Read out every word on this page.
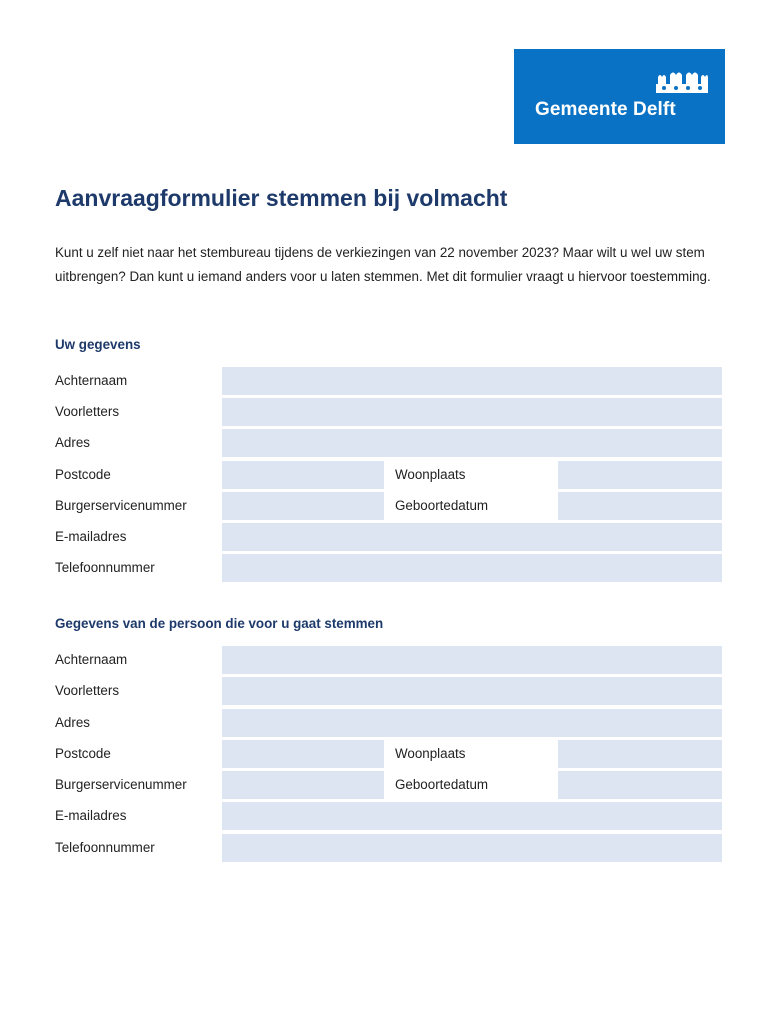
Gemeente Delft
Aanvraagformulier stemmen bij volmacht

Kunt u zelf niet naar het stembureau tijdens de verkiezingen van 22 november 2023? Maar wilt u wel uw stem uitbrengen? Dan kunt u iemand anders voor u laten stemmen. Met dit formulier vraagt u hiervoor toestemming.

Uw gegevens
Achternaam
Voorletters
Adres
Postcode	Woonplaats
Burgerservicenummer	Geboortedatum
E-mailadres
Telefoonnummer
Gegevens van de persoon die voor u gaat stemmen
Achternaam
Voorletters
Adres
Postcode	Woonplaats
Burgerservicenummer	Geboortedatum
E-mailadres
Telefoonnummer
